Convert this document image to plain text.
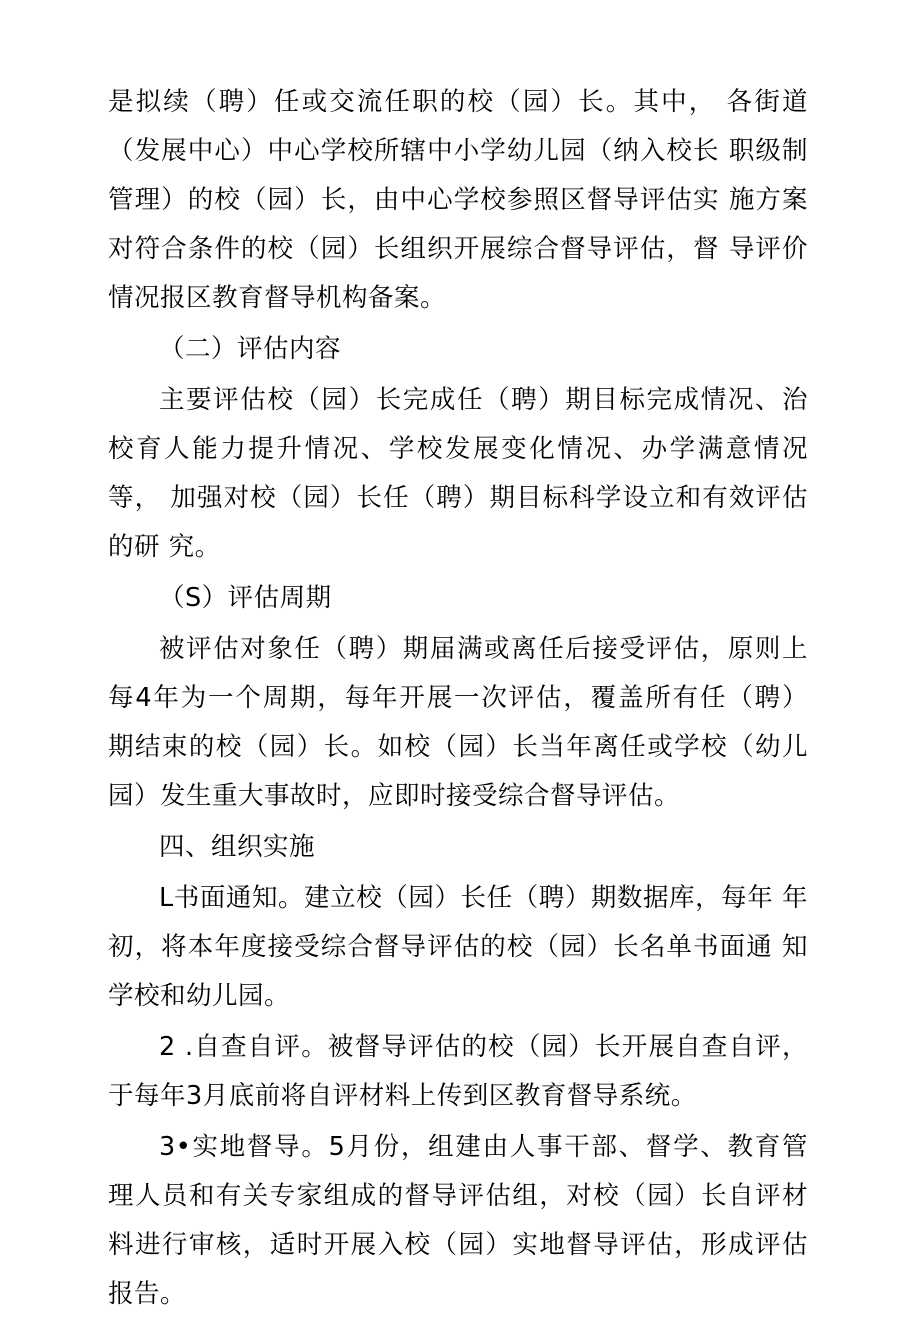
是拟续（聘）任或交流任职的校（园）长。其中， 各街道（发展中心）中心学校所辖中小学幼儿园（纳入校长 职级制管理）的校（园）长，由中心学校参照区督导评估实 施方案对符合条件的校（园）长组织开展综合督导评估，督 导评价情况报区教育督导机构备案。

（二）评估内容

主要评估校（园）长完成任（聘）期目标完成情况、治 校育人能力提升情况、学校发展变化情况、办学满意情况等， 加强对校（园）长任（聘）期目标科学设立和有效评估的研 究。

（S）评估周期

被评估对象任（聘）期届满或离任后接受评估，原则上 每4年为一个周期，每年开展一次评估，覆盖所有任（聘） 期结束的校（园）长。如校（园）长当年离任或学校（幼儿 园）发生重大事故时，应即时接受综合督导评估。

四、组织实施

L书面通知。建立校（园）长任（聘）期数据库，每年 年初，将本年度接受综合督导评估的校（园）长名单书面通 知学校和幼儿园。

2 .自查自评。被督导评估的校（园）长开展自查自评， 于每年3月底前将自评材料上传到区教育督导系统。

3•实地督导。5月份，组建由人事干部、督学、教育管 理人员和有关专家组成的督导评估组，对校（园）长自评材 料进行审核，适时开展入校（园）实地督导评估，形成评估 报告。
